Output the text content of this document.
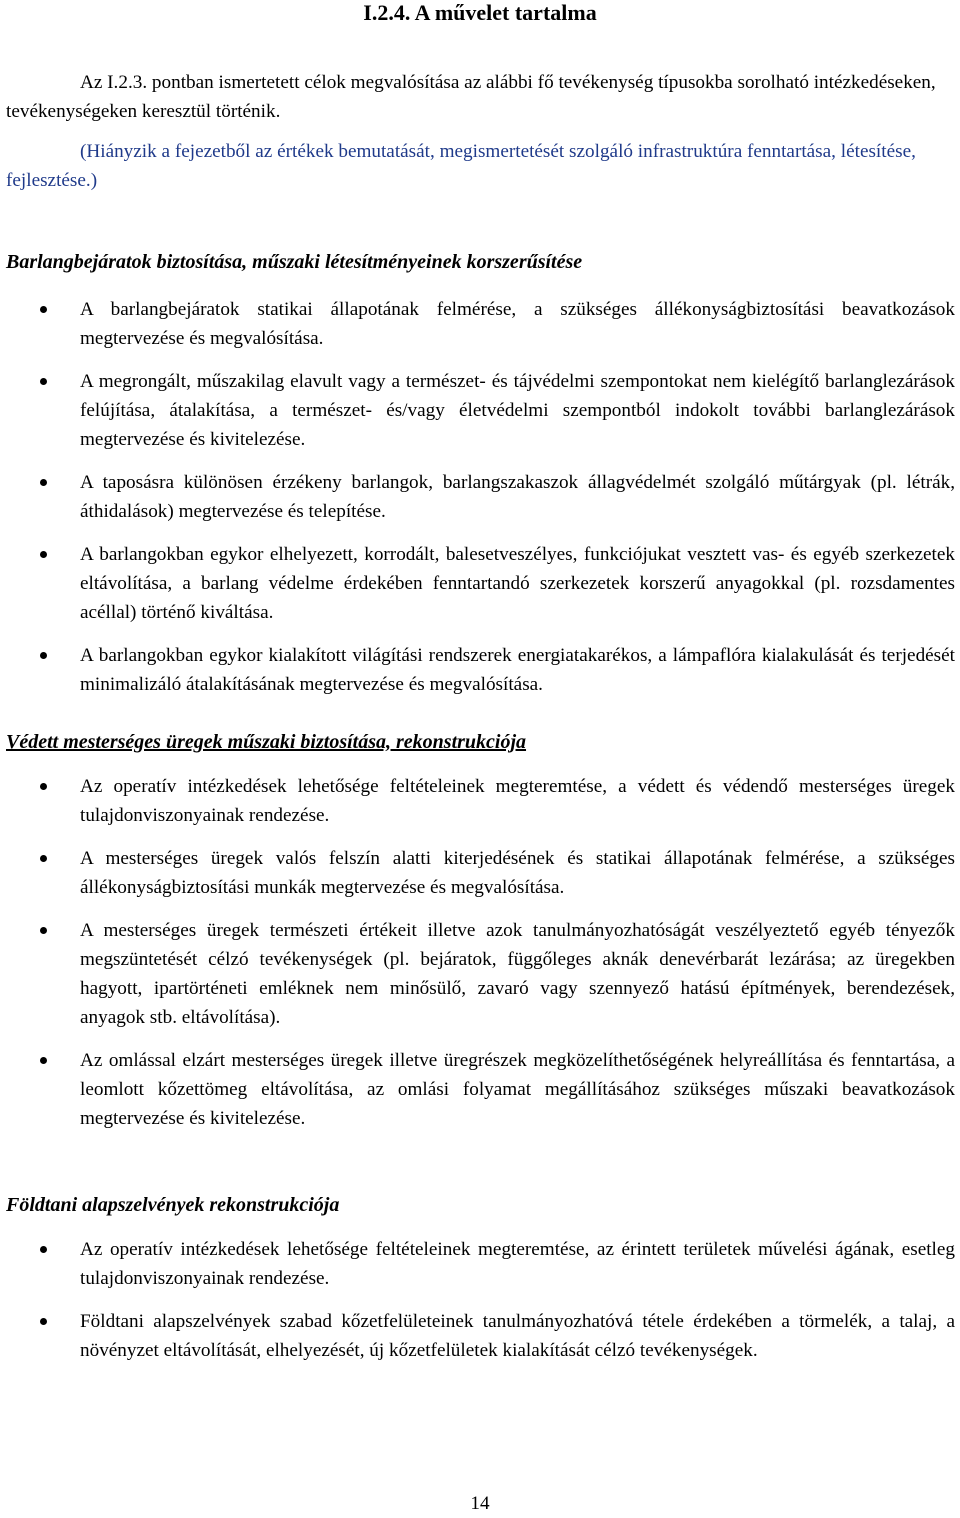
I.2.4. A művelet tartalma

Az I.2.3. pontban ismertetett célok megvalósítása az alábbi fő tevékenység típusokba sorolható intézkedéseken, tevékenységeken keresztül történik.

(Hiányzik a fejezetből az értékek bemutatását, megismertetését szolgáló infrastruktúra fenntartása, létesítése, fejlesztése.)

Barlangbejáratok biztosítása, műszaki létesítményeinek korszerűsítése

A barlangbejáratok statikai állapotának felmérése, a szükséges állékonyságbiztosítási beavatkozások megtervezése és megvalósítása.
A megrongált, műszakilag elavult vagy a természet- és tájvédelmi szempontokat nem kielégítő barlanglezárások felújítása, átalakítása, a természet- és/vagy életvédelmi szempontból indokolt további barlanglezárások megtervezése és kivitelezése.
A taposásra különösen érzékeny barlangok, barlangszakaszok állagvédelmét szolgáló műtárgyak (pl. létrák, áthidalások) megtervezése és telepítése.
A barlangokban egykor elhelyezett, korrodált, balesetveszélyes, funkciójukat vesztett vas- és egyéb szerkezetek eltávolítása, a barlang védelme érdekében fenntartandó szerkezetek korszerű anyagokkal (pl. rozsdamentes acéllal) történő kiváltása.
A barlangokban egykor kialakított világítási rendszerek energiatakarékos, a lámpaflóra kialakulását és terjedését minimalizáló átalakításának megtervezése és megvalósítása.

Védett mesterséges üregek műszaki biztosítása, rekonstrukciója

Az operatív intézkedések lehetősége feltételeinek megteremtése, a védett és védendő mesterséges üregek tulajdonviszonyainak rendezése.
A mesterséges üregek valós felszín alatti kiterjedésének és statikai állapotának felmérése, a szükséges állékonyságbiztosítási munkák megtervezése és megvalósítása.
A mesterséges üregek természeti értékeit illetve azok tanulmányozhatóságát veszélyeztető egyéb tényezők megszüntetését célzó tevékenységek (pl. bejáratok, függőleges aknák denevérbarát lezárása; az üregekben hagyott, ipartörténeti emléknek nem minősülő, zavaró vagy szennyező hatású építmények, berendezések, anyagok stb. eltávolítása).
Az omlással elzárt mesterséges üregek illetve üregrészek megközelíthetőségének helyreállítása és fenntartása, a leomlott kőzettömeg eltávolítása, az omlási folyamat megállításához szükséges műszaki beavatkozások megtervezése és kivitelezése.

Földtani alapszelvények rekonstrukciója

Az operatív intézkedések lehetősége feltételeinek megteremtése, az érintett területek művelési ágának, esetleg tulajdonviszonyainak rendezése.
Földtani alapszelvények szabad kőzetfelületeinek tanulmányozhatóvá tétele érdekében a törmelék, a talaj, a növényzet eltávolítását, elhelyezését, új kőzetfelületek kialakítását célzó tevékenységek.

14
